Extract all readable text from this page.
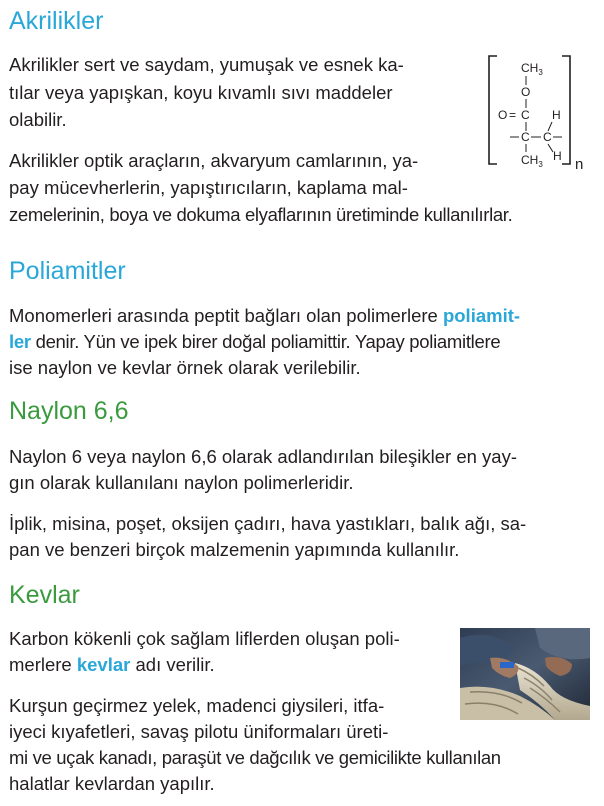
Akrilikler
Akrilikler sert ve saydam, yumuşak ve esnek ka-
tılar veya yapışkan, koyu kıvamlı sıvı maddeler
olabilir.
Akrilikler optik araçların, akvaryum camlarının, ya-
pay mücevherlerin, yapıştırıcıların, kaplama mal-
zemelerinin, boya ve dokuma elyaflarının üretiminde kullanılırlar.
$CH_3$
O
O = C H
C C
$CH_3$
H n
Poliamitler
Monomerleri arasında peptit bağları olan polimerlere poliamit-
ler denir. Yün ve ipek birer doğal poliamittir. Yapay poliamitlere
ise naylon ve kevlar örnek olarak verilebilir.
Naylon 6,6
Naylon 6 veya naylon 6,6 olarak adlandırılan bileşikler en yay-
gın olarak kullanılanı naylon polimerleridir.
İplik, misina, poşet, oksijen çadırı, hava yastıkları, balık ağı, sa-
pan ve benzeri birçok malzemenin yapımında kullanılır.
Kevlar
Karbon kökenli çok sağlam liflerden oluşan poli-
merlere kevlar adı verilir.
Kurşun geçirmez yelek, madenci giysileri, itfa-
iyeci kıyafetleri, savaş pilotu üniformaları üreti-
mi ve uçak kanadı, paraşüt ve dağcılık ve gemicilikte kullanılan
halatlar kevlardan yapılır.
